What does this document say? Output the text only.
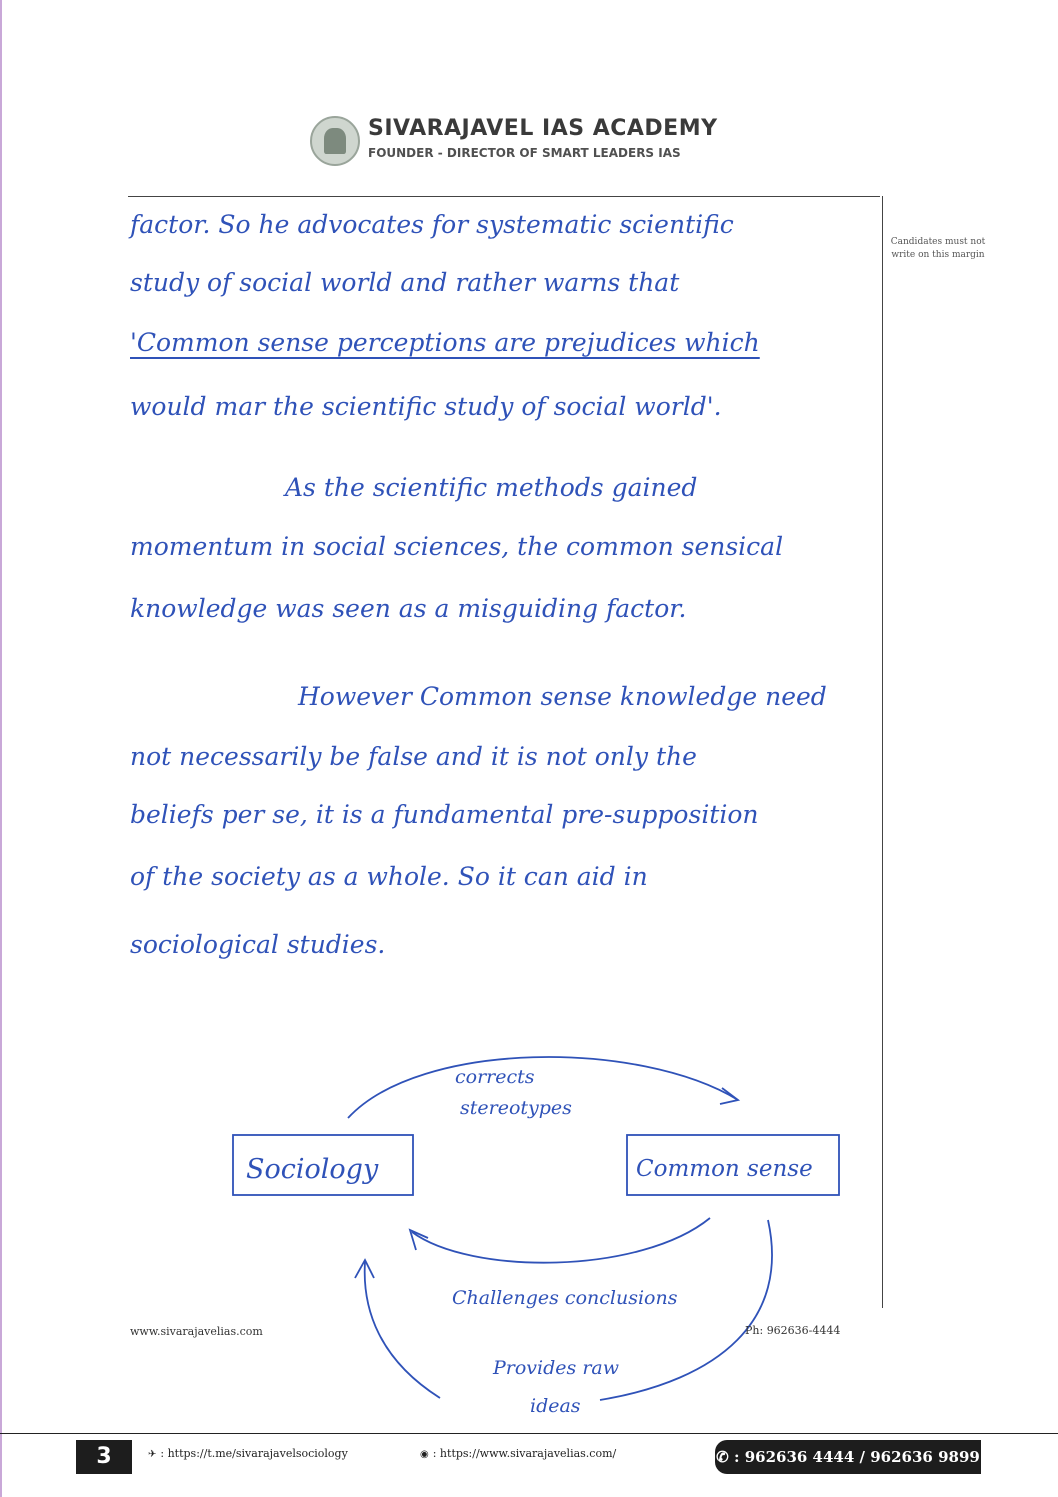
SIVARAJAVEL IAS ACADEMY
FOUNDER - DIRECTOR OF SMART LEADERS IAS
Candidates must not write on this margin
factor. So he advocates for systematic scientific
study of social world and rather warns that
'Common sense perceptions are prejudices which
would mar the scientific study of social world'.
As the scientific methods gained
momentum in social sciences, the common sensical
knowledge was seen as a misguiding factor.
However Common sense knowledge need
not necessarily be false and it is not only the
beliefs per se, it is a fundamental pre-supposition
of the society as a whole. So it can aid in
sociological studies.
Sociology	Common sense
corrects
stereotypes
Challenges conclusions
Provides raw
ideas
www.sivarajavelias.com	Ph: 962636-4444
3	✈ : https://t.me/sivarajavelsociology	◉ : https://www.sivarajavelias.com/	✆ : 962636 4444 / 962636 9899
